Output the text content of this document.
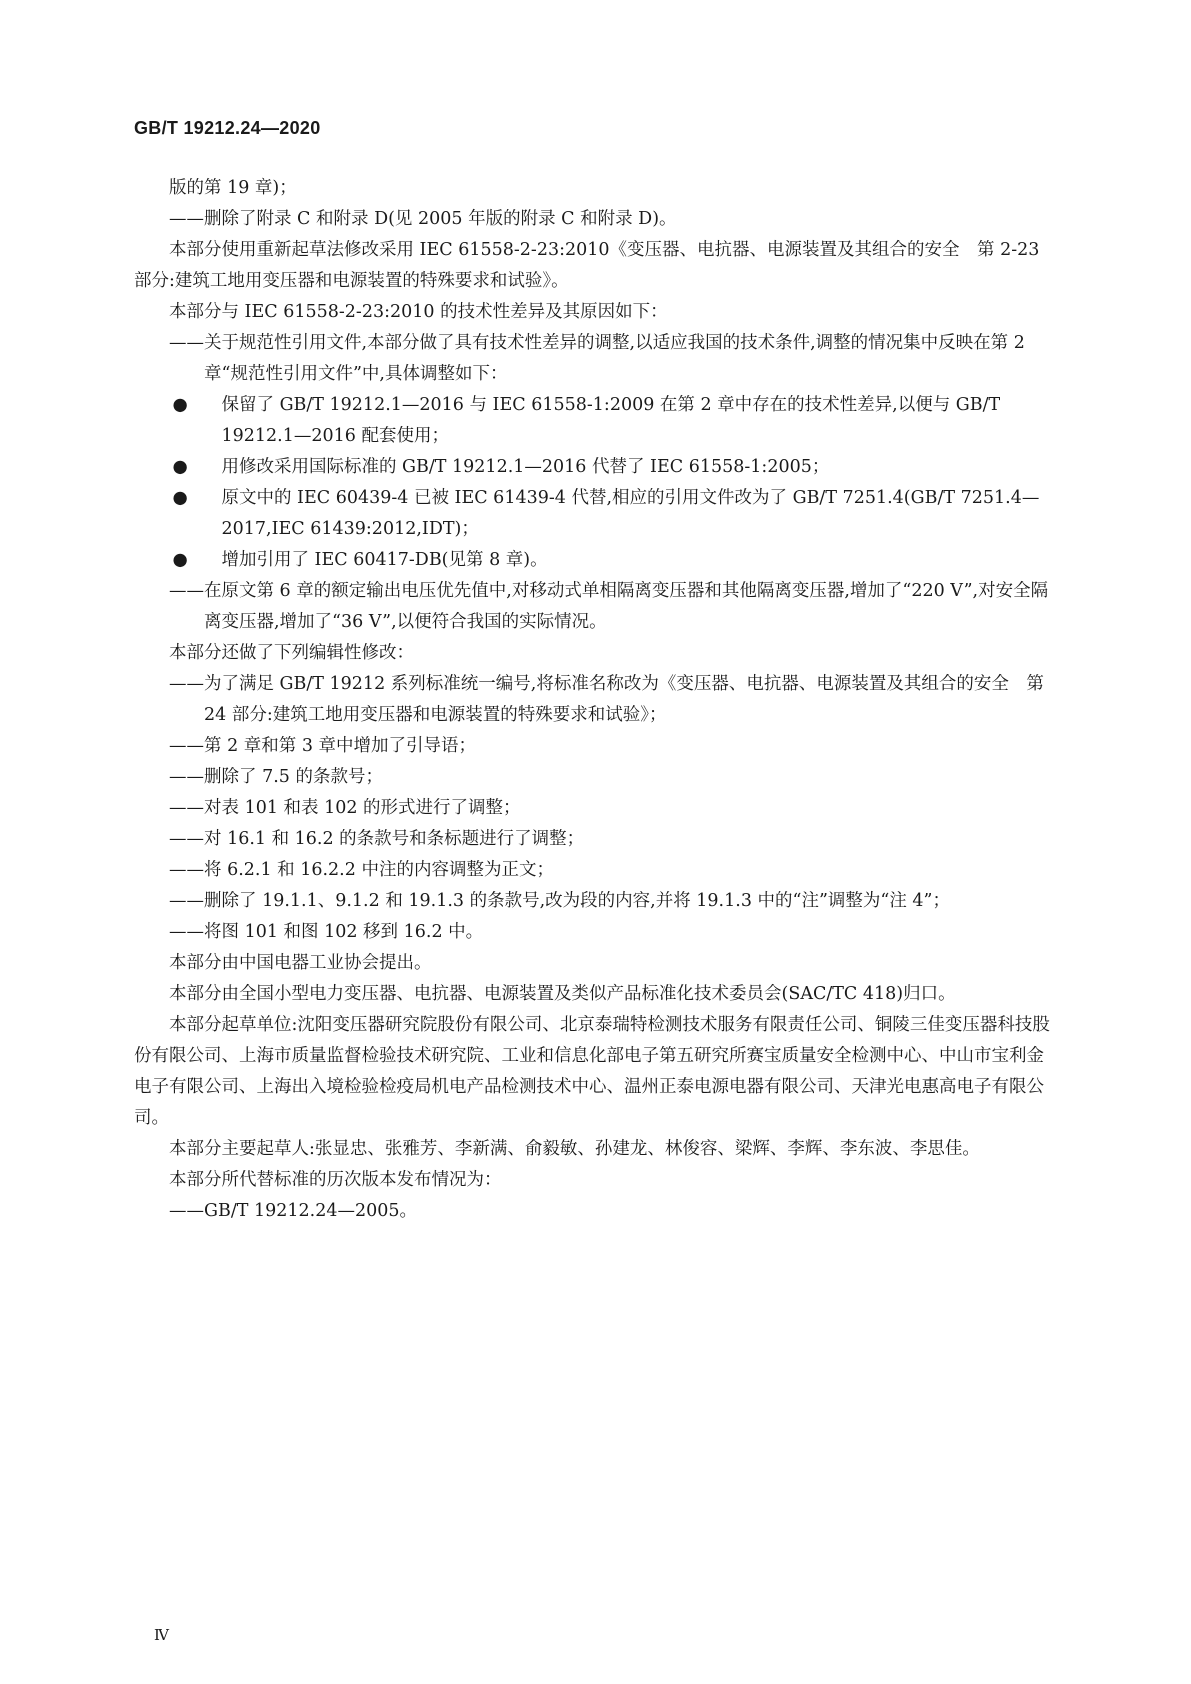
GB/T 19212.24—2020

版的第 19 章)；

——删除了附录 C 和附录 D(见 2005 年版的附录 C 和附录 D)。

本部分使用重新起草法修改采用 IEC 61558-2-23:2010《变压器、电抗器、电源装置及其组合的安全　第 2-23 部分:建筑工地用变压器和电源装置的特殊要求和试验》。

本部分与 IEC 61558-2-23:2010 的技术性差异及其原因如下：

——关于规范性引用文件,本部分做了具有技术性差异的调整,以适应我国的技术条件,调整的情况集中反映在第 2 章“规范性引用文件”中,具体调整如下：

● 保留了 GB/T 19212.1—2016 与 IEC 61558-1:2009 在第 2 章中存在的技术性差异,以便与 GB/T 19212.1—2016 配套使用；

● 用修改采用国际标准的 GB/T 19212.1—2016 代替了 IEC 61558-1:2005；

● 原文中的 IEC 60439-4 已被 IEC 61439-4 代替,相应的引用文件改为了 GB/T 7251.4(GB/T 7251.4—2017,IEC 61439:2012,IDT)；

● 增加引用了 IEC 60417-DB(见第 8 章)。

——在原文第 6 章的额定输出电压优先值中,对移动式单相隔离变压器和其他隔离变压器,增加了“220 V”,对安全隔离变压器,增加了“36 V”,以便符合我国的实际情况。

本部分还做了下列编辑性修改：

——为了满足 GB/T 19212 系列标准统一编号,将标准名称改为《变压器、电抗器、电源装置及其组合的安全　第 24 部分:建筑工地用变压器和电源装置的特殊要求和试验》；

——第 2 章和第 3 章中增加了引导语；

——删除了 7.5 的条款号；

——对表 101 和表 102 的形式进行了调整；

——对 16.1 和 16.2 的条款号和条标题进行了调整；

——将 6.2.1 和 16.2.2 中注的内容调整为正文；

——删除了 19.1.1、9.1.2 和 19.1.3 的条款号,改为段的内容,并将 19.1.3 中的“注”调整为“注 4”；

——将图 101 和图 102 移到 16.2 中。

本部分由中国电器工业协会提出。

本部分由全国小型电力变压器、电抗器、电源装置及类似产品标准化技术委员会(SAC/TC 418)归口。

本部分起草单位:沈阳变压器研究院股份有限公司、北京泰瑞特检测技术服务有限责任公司、铜陵三佳变压器科技股份有限公司、上海市质量监督检验技术研究院、工业和信息化部电子第五研究所赛宝质量安全检测中心、中山市宝利金电子有限公司、上海出入境检验检疫局机电产品检测技术中心、温州正泰电源电器有限公司、天津光电惠高电子有限公司。

本部分主要起草人:张显忠、张雅芳、李新满、俞毅敏、孙建龙、林俊容、梁辉、李辉、李东波、李思佳。

本部分所代替标准的历次版本发布情况为：

——GB/T 19212.24—2005。

Ⅳ
